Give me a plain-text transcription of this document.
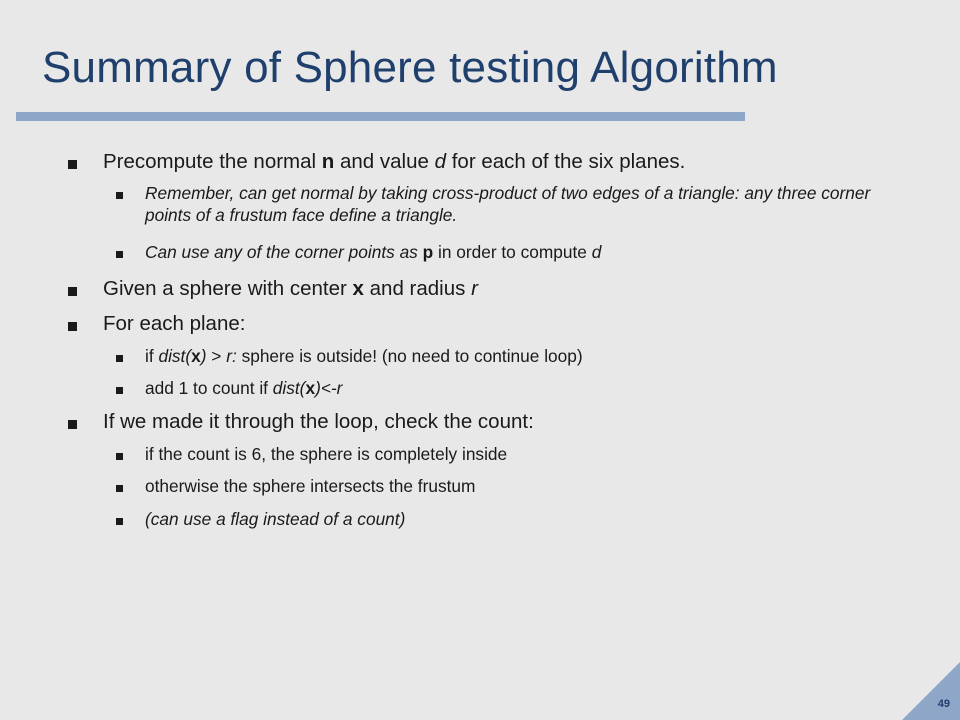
Summary of Sphere testing Algorithm
Precompute the normal n and value d for each of the six planes.
Remember, can get normal by taking cross-product of two edges of a triangle: any three corner points of a frustum face define a triangle.
Can use any of the corner points as p in order to compute d
Given a sphere with center x and radius r
For each plane:
if dist(x) > r: sphere is outside! (no need to continue loop)
add 1 to count if dist(x)<-r
If we made it through the loop, check the count:
if the count is 6, the sphere is completely inside
otherwise the sphere intersects the frustum
(can use a flag instead of a count)
49
